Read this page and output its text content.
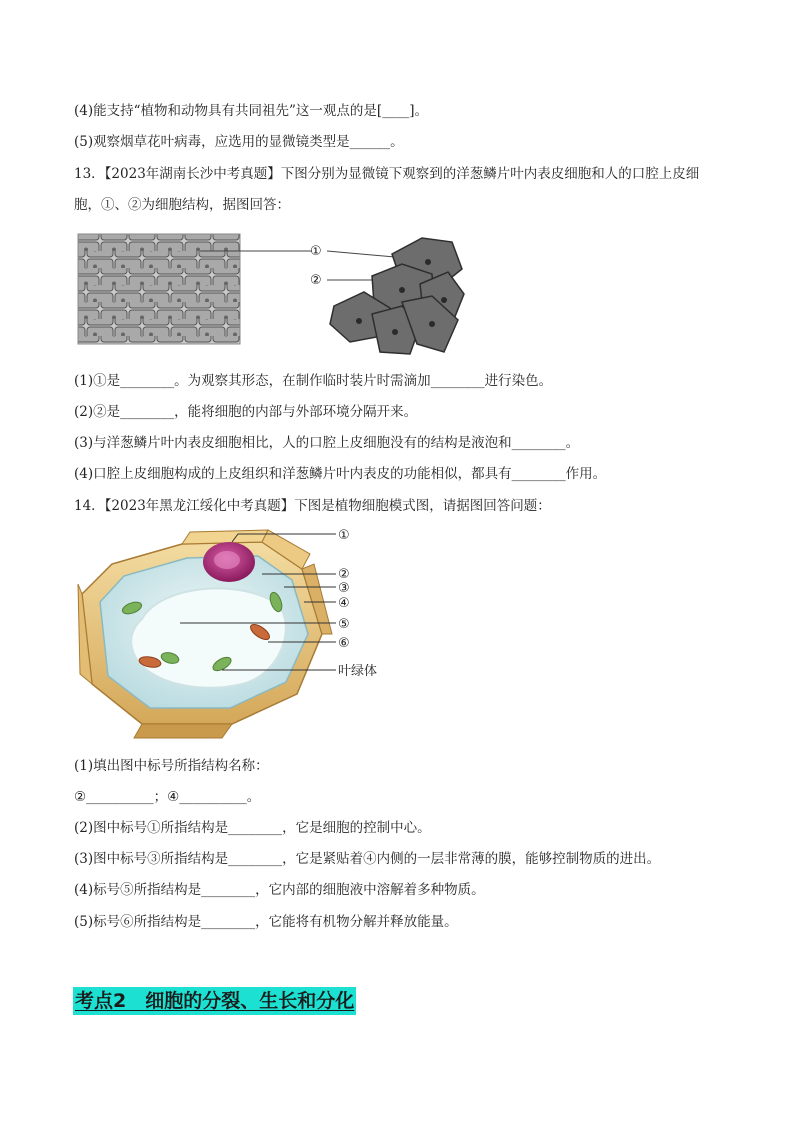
(4)能支持“植物和动物具有共同祖先”这一观点的是[____]。
(5)观察烟草花叶病毒，应选用的显微镜类型是______。
13．【2023年湖南长沙中考真题】下图分别为显微镜下观察到的洋葱鳞片叶内表皮细胞和人的口腔上皮细
胞，①、②为细胞结构，据图回答：
①
②
(1)①是________。为观察其形态，在制作临时装片时需滴加________进行染色。
(2)②是________，能将细胞的内部与外部环境分隔开来。
(3)与洋葱鳞片叶内表皮细胞相比，人的口腔上皮细胞没有的结构是液泡和________。
(4)口腔上皮细胞构成的上皮组织和洋葱鳞片叶内表皮的功能相似，都具有________作用。
14．【2023年黑龙江绥化中考真题】下图是植物细胞模式图，请据图回答问题：
①
②
③
④
⑤
⑥
叶绿体
(1)填出图中标号所指结构名称：
②__________；④__________。
(2)图中标号①所指结构是________，它是细胞的控制中心。
(3)图中标号③所指结构是________，它是紧贴着④内侧的一层非常薄的膜，能够控制物质的进出。
(4)标号⑤所指结构是________，它内部的细胞液中溶解着多种物质。
(5)标号⑥所指结构是________，它能将有机物分解并释放能量。
考点2　细胞的分裂、生长和分化
